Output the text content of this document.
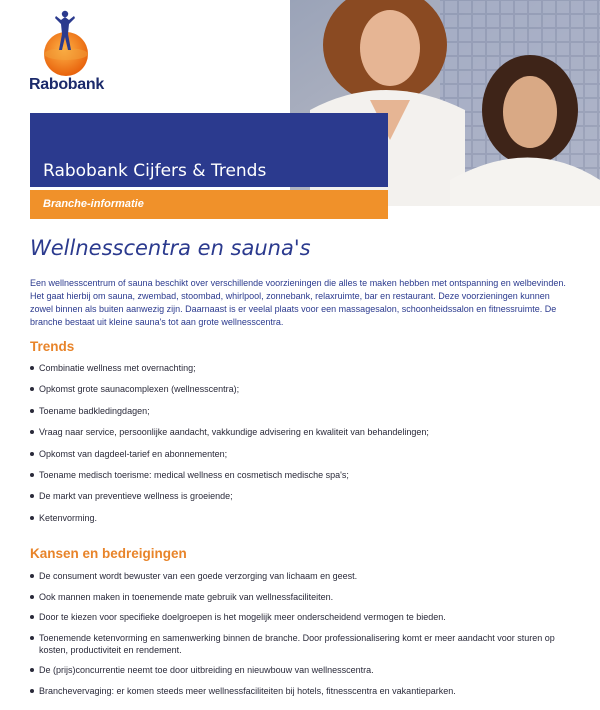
Rabobank
Rabobank Cijfers & Trends
Branche-informatie
Wellnesscentra en sauna's
Een wellnesscentrum of sauna beschikt over verschillende voorzieningen die alles te maken hebben met ontspanning en welbevinden. Het gaat hierbij om sauna, zwembad, stoombad, whirlpool, zonnebank, relaxruimte, bar en restaurant. Deze voorzieningen kunnen zowel binnen als buiten aanwezig zijn. Daarnaast is er veelal plaats voor een massagesalon, schoonheidssalon en fitnessruimte. De branche bestaat uit kleine sauna's tot aan grote wellnesscentra.
Trends
Combinatie wellness met overnachting;
Opkomst grote saunacomplexen (wellnesscentra);
Toename badkledingdagen;
Vraag naar service, persoonlijke aandacht, vakkundige advisering en kwaliteit van behandelingen;
Opkomst van dagdeel-tarief en abonnementen;
Toename medisch toerisme: medical wellness en cosmetisch medische spa's;
De markt van preventieve wellness is groeiende;
Ketenvorming.
Kansen en bedreigingen
De consument wordt bewuster van een goede verzorging van lichaam en geest.
Ook mannen maken in toenemende mate gebruik van wellnessfaciliteiten.
Door te kiezen voor specifieke doelgroepen is het mogelijk meer onderscheidend vermogen te bieden.
Toenemende ketenvorming en samenwerking binnen de branche. Door professionalisering komt er meer aandacht voor sturen op kosten, productiviteit en rendement.
De (prijs)concurrentie neemt toe door uitbreiding en nieuwbouw van wellnesscentra.
Branchevervaging: er komen steeds meer wellnessfaciliteiten bij hotels, fitnesscentra en vakantieparken.
